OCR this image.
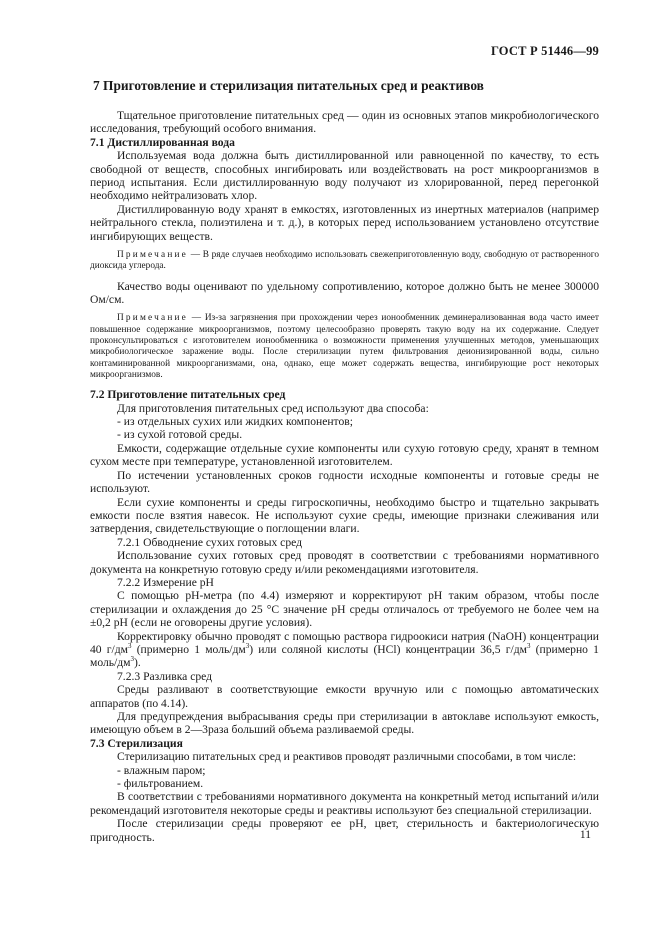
ГОСТ Р 51446—99
7 Приготовление и стерилизация питательных сред и реактивов

Тщательное приготовление питательных сред — один из основных этапов микробиологического исследования, требующий особого внимания.

7.1 Дистиллированная вода

Используемая вода должна быть дистиллированной или равноценной по качеству, то есть свободной от веществ, способных ингибировать или воздействовать на рост микроорганизмов в период испытания. Если дистиллированную воду получают из хлорированной, перед перегонкой необходимо нейтрализовать хлор.

Дистиллированную воду хранят в емкостях, изготовленных из инертных материалов (например нейтрального стекла, полиэтилена и т. д.), в которых перед использованием установлено отсутствие ингибирующих веществ.

Примечание — В ряде случаев необходимо использовать свежеприготовленную воду, свободную от растворенного диоксида углерода.

Качество воды оценивают по удельному сопротивлению, которое должно быть не менее 300000 Ом/см.

Примечание — Из-за загрязнения при прохождении через ионообменник деминерализованная вода часто имеет повышенное содержание микроорганизмов, поэтому целесообразно проверять такую воду на их содержание. Следует проконсультироваться с изготовителем ионообменника о возможности применения улучшенных методов, уменьшающих микробиологическое заражение воды. После стерилизации путем фильтрования деионизированной воды, сильно контаминированной микроорганизмами, она, однако, еще может содержать вещества, ингибирующие рост некоторых микроорганизмов.

7.2 Приготовление питательных сред

Для приготовления питательных сред используют два способа:

- из отдельных сухих или жидких компонентов;

- из сухой готовой среды.

Емкости, содержащие отдельные сухие компоненты или сухую готовую среду, хранят в темном сухом месте при температуре, установленной изготовителем.

По истечении установленных сроков годности исходные компоненты и готовые среды не используют.

Если сухие компоненты и среды гигроскопичны, необходимо быстро и тщательно закрывать емкости после взятия навесок. Не используют сухие среды, имеющие признаки слеживания или затвердения, свидетельствующие о поглощении влаги.

7.2.1 Обводнение сухих готовых сред

Использование сухих готовых сред проводят в соответствии с требованиями нормативного документа на конкретную готовую среду и/или рекомендациями изготовителя.

7.2.2 Измерение рН

С помощью рН-метра (по 4.4) измеряют и корректируют рН таким образом, чтобы после стерилизации и охлаждения до 25 °С значение рН среды отличалось от требуемого не более чем на ±0,2 рН (если не оговорены другие условия).

Корректировку обычно проводят с помощью раствора гидроокиси натрия (NaOH) концентрации 40 $г/дм^3$ (примерно 1 моль/$дм^3$) или соляной кислоты (HCl) концентрации 36,5 $г/дм^3$ (примерно 1 моль/$дм^3$).

7.2.3 Разливка сред

Среды разливают в соответствующие емкости вручную или с помощью автоматических аппаратов (по 4.14).

Для предупреждения выбрасывания среды при стерилизации в автоклаве используют емкость, имеющую объем в 2—3раза больший объема разливаемой среды.

7.3 Стерилизация

Стерилизацию питательных сред и реактивов проводят различными способами, в том числе:

- влажным паром;

- фильтрованием.

В соответствии с требованиями нормативного документа на конкретный метод испытаний и/или рекомендаций изготовителя некоторые среды и реактивы используют без специальной стерилизации.

После стерилизации среды проверяют ее рН, цвет, стерильность и бактериологическую пригодность.	11
